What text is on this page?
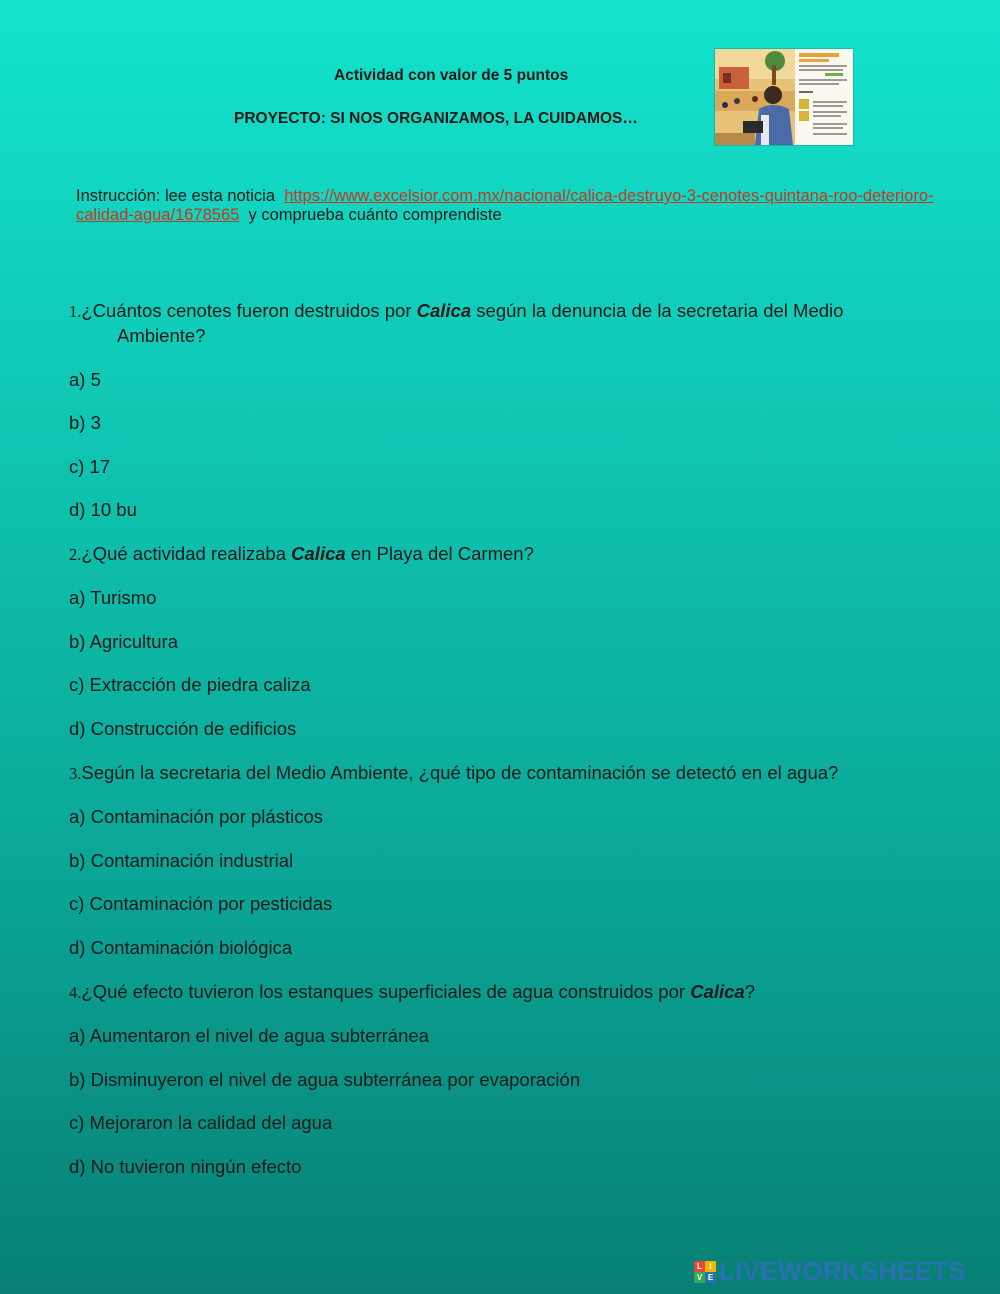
Actividad con valor de 5 puntos
PROYECTO: SI NOS ORGANIZAMOS, LA CUIDAMOS…
Instrucción: lee esta noticia https://www.excelsior.com.mx/nacional/calica-destruyo-3-cenotes-quintana-roo-deterioro-calidad-agua/1678565 y comprueba cuánto comprendiste
1.¿Cuántos cenotes fueron destruidos por Calica según la denuncia de la secretaria del Medio
Ambiente?
a) 5
b) 3
c) 17
d) 10 bu
2.¿Qué actividad realizaba Calica en Playa del Carmen?
a) Turismo
b) Agricultura
c) Extracción de piedra caliza
d) Construcción de edificios
3.Según la secretaria del Medio Ambiente, ¿qué tipo de contaminación se detectó en el agua?
a) Contaminación por plásticos
b) Contaminación industrial
c) Contaminación por pesticidas
d) Contaminación biológica
4.¿Qué efecto tuvieron los estanques superficiales de agua construidos por Calica?
a) Aumentaron el nivel de agua subterránea
b) Disminuyeron el nivel de agua subterránea por evaporación
c) Mejoraron la calidad del agua
d) No tuvieron ningún efecto
L I
V E LIVEWORKSHEETS
